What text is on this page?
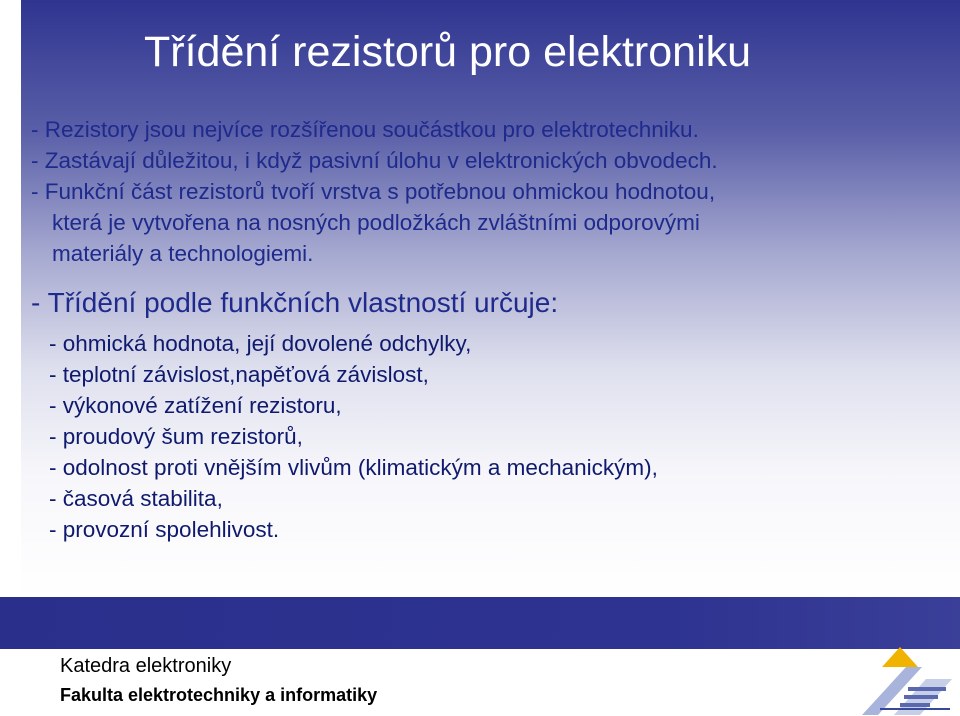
Třídění rezistorů pro elektroniku

- Rezistory jsou nejvíce rozšířenou součástkou pro elektrotechniku.

- Zastávají důležitou, i když pasivní úlohu v elektronických obvodech.

- Funkční část rezistorů tvoří vrstva s potřebnou ohmickou hodnotou,

která je vytvořena na nosných podložkách zvláštními odporovými

materiály a technologiemi.

- Třídění podle funkčních vlastností určuje:

- ohmická hodnota, její dovolené odchylky,
- teplotní závislost,napěťová závislost,
- výkonové zatížení rezistoru,
- proudový šum rezistorů,
- odolnost proti vnějším vlivům (klimatickým a mechanickým),
- časová stabilita,
- provozní spolehlivost.
Katedra elektroniky
Fakulta elektrotechniky a informatiky
